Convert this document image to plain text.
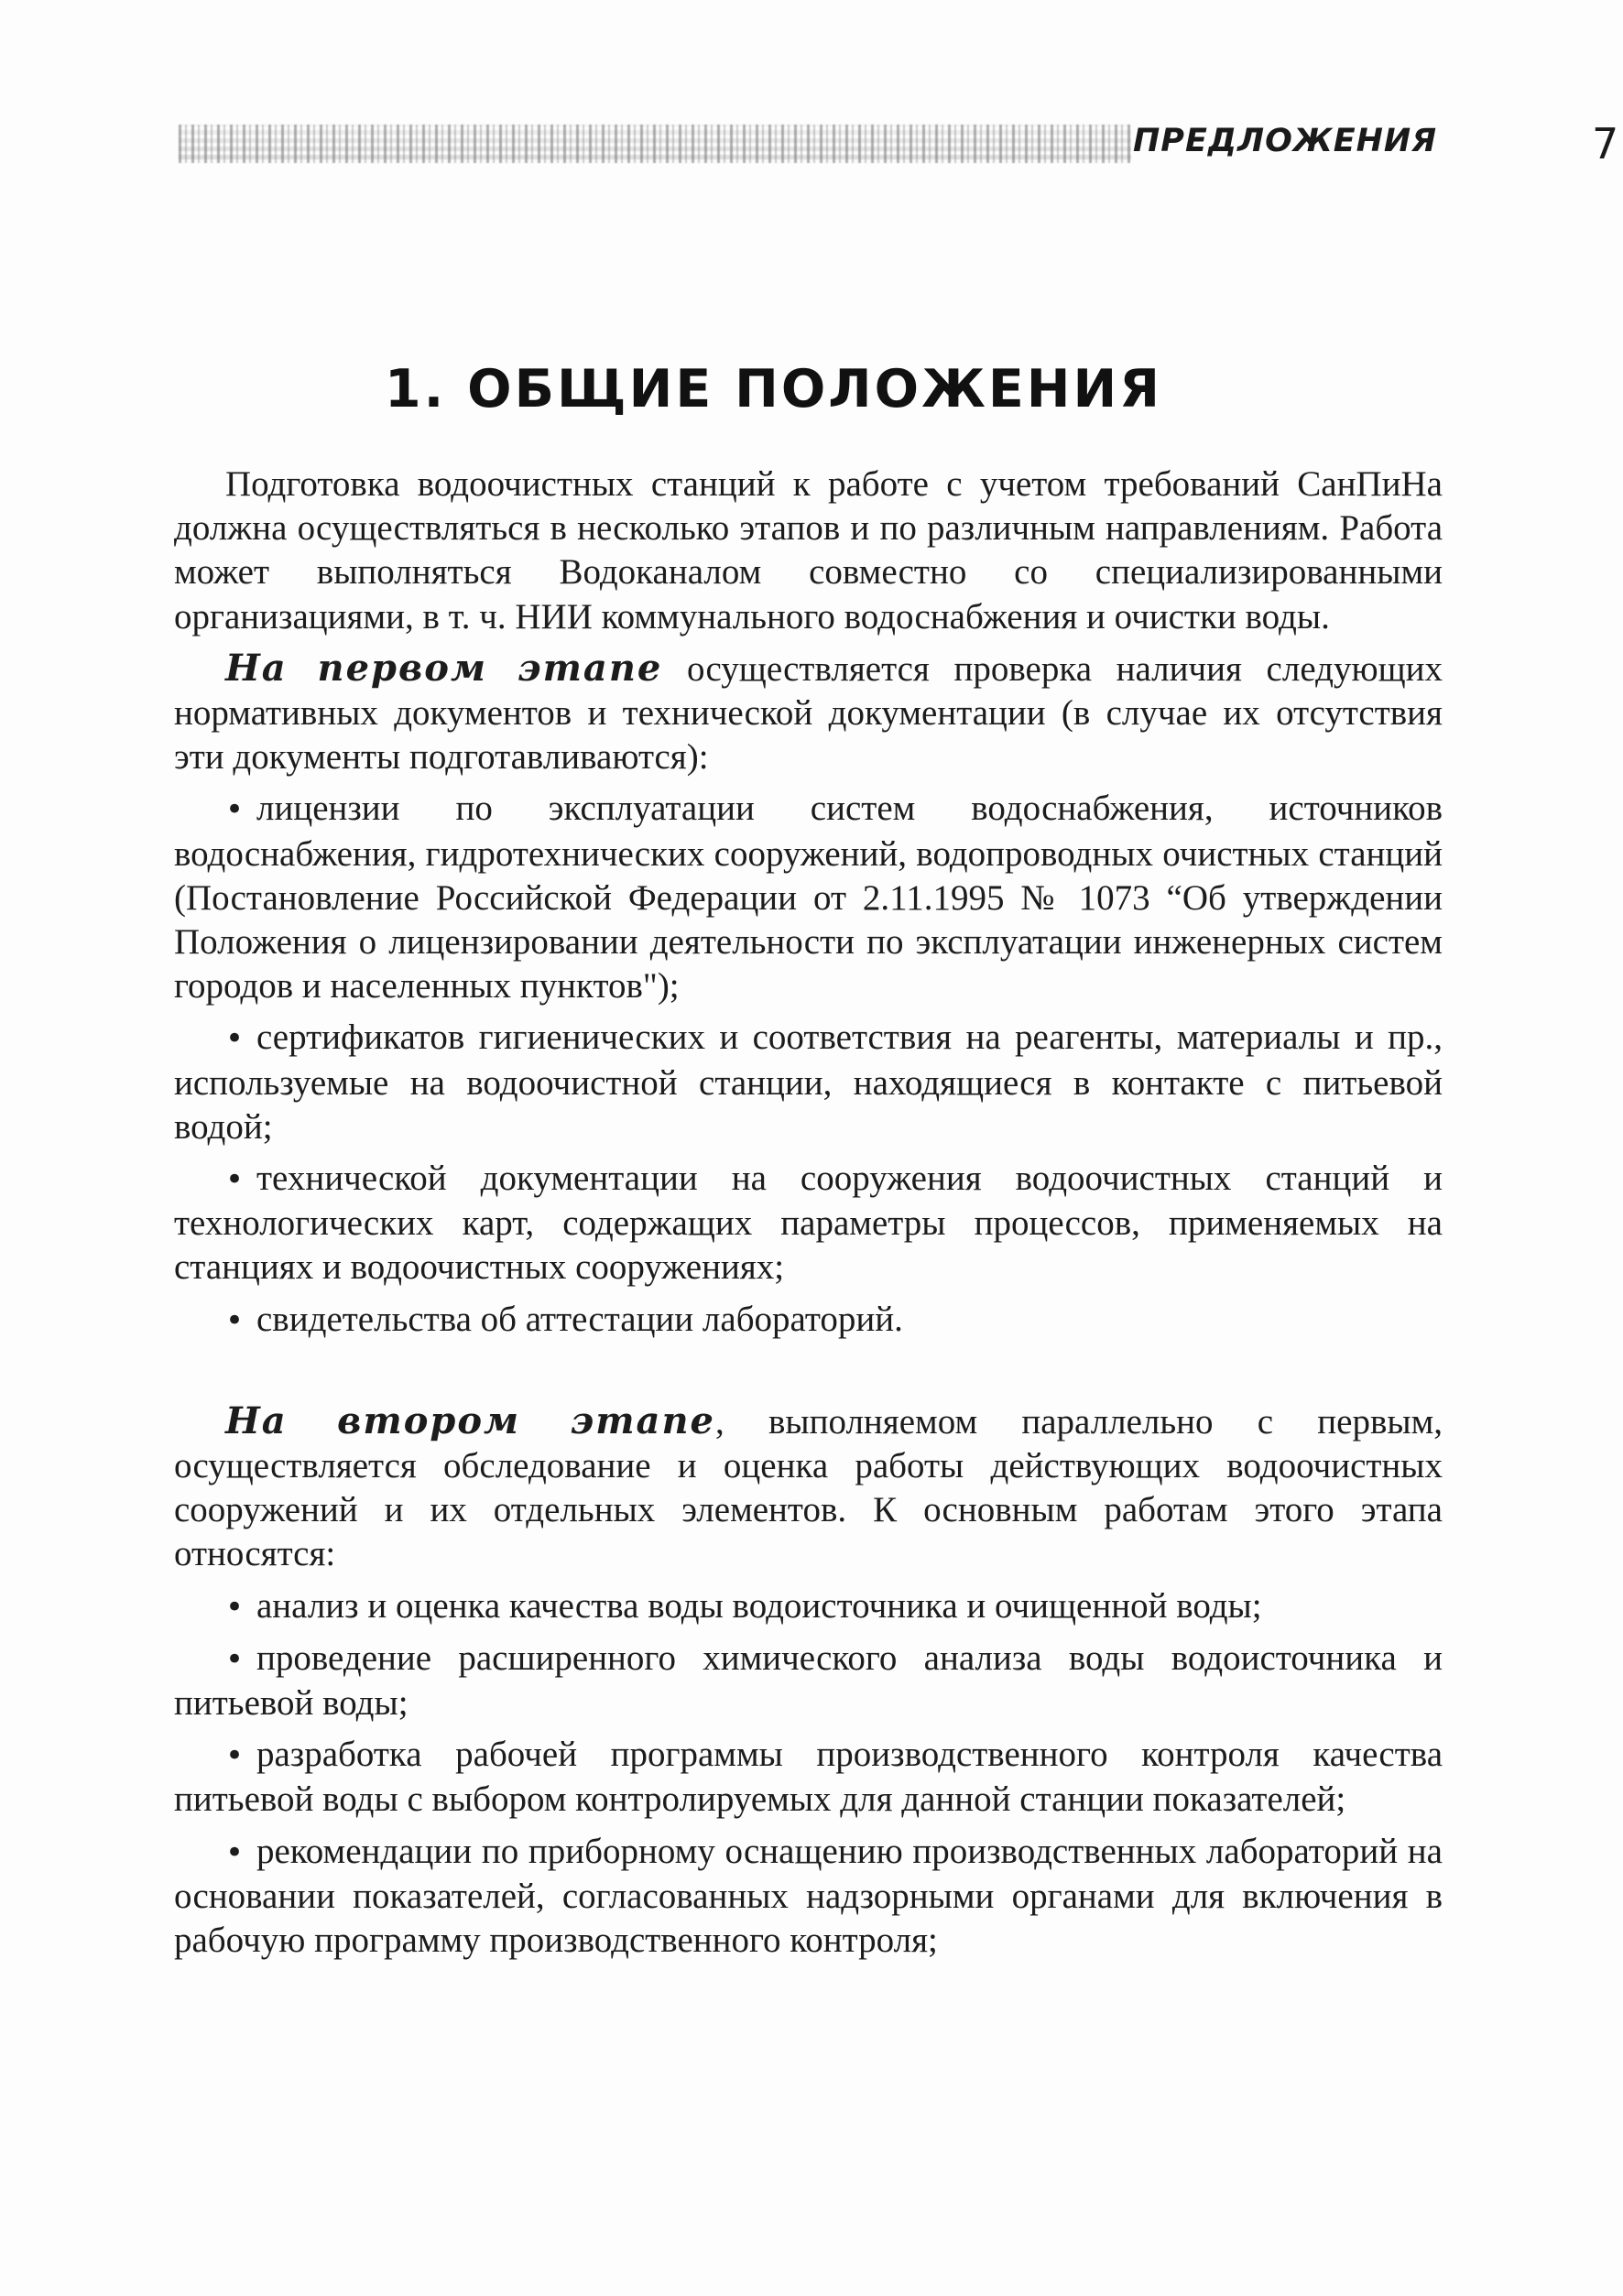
ПРЕДЛОЖЕНИЯ	7
1. ОБЩИЕ ПОЛОЖЕНИЯ

Подготовка водоочистных станций к работе с учетом требований СанПиНа должна осуществляться в несколько этапов и по различным направлениям. Работа может выполняться Водоканалом совместно со специализированными организациями, в т. ч. НИИ коммунального водоснабжения и очистки воды.

На первом этапе осуществляется проверка наличия следующих нормативных документов и технической документации (в случае их отсутствия эти документы подготавливаются):

•лицензии по эксплуатации систем водоснабжения, источников водоснабжения, гидротехнических сооружений, водопроводных очистных станций (Постановление Российской Федерации от 2.11.1995 № 1073 “Об утверждении Положения о лицензировании деятельности по эксплуатации инженерных систем городов и населенных пунктов");
•сертификатов гигиенических и соответствия на реагенты, материалы и пр., используемые на водоочистной станции, находящиеся в контакте с питьевой водой;
•технической документации на сооружения водоочистных станций и технологических карт, содержащих параметры процессов, применяемых на станциях и водоочистных сооружениях;
•свидетельства об аттестации лабораторий.

На втором этапе, выполняемом параллельно с первым, осуществляется обследование и оценка работы действующих водоочистных сооружений и их отдельных элементов. К основным работам этого этапа относятся:

•анализ и оценка качества воды водоисточника и очищенной воды;
•проведение расширенного химического анализа воды водоисточника и питьевой воды;
•разработка рабочей программы производственного контроля качества питьевой воды с выбором контролируемых для данной станции показателей;
•рекомендации по приборному оснащению производственных лабораторий на основании показателей, согласованных надзорными органами для включения в рабочую программу производственного контроля;
